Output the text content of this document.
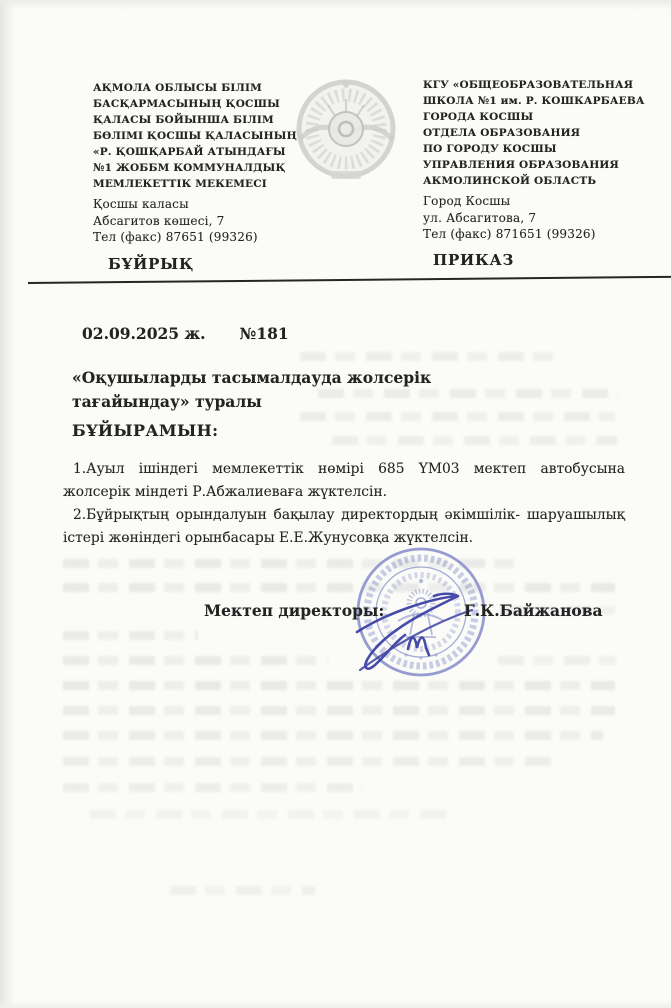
АҚМОЛА ОБЛЫСЫ БІЛІМ
БАСҚАРМАСЫНЫҢ ҚОСШЫ
ҚАЛАСЫ БОЙЫНША БІЛІМ
БӨЛІМІ ҚОСШЫ ҚАЛАСЫНЫҢ
«Р. ҚОШҚАРБАЙ АТЫНДАҒЫ
№1 ЖОББМ КОММУНАЛДЫҚ
МЕМЛЕКЕТТІК МЕКЕМЕСІ
Қосшы каласы
Абсагитов көшесі, 7
Тел (факс) 87651 (99326)
КГУ «ОБЩЕОБРАЗОВАТЕЛЬНАЯ
ШКОЛА №1 им. Р. КОШКАРБАЕВА
ГОРОДА КОСШЫ
ОТДЕЛА ОБРАЗОВАНИЯ
ПО ГОРОДУ КОСШЫ
УПРАВЛЕНИЯ ОБРАЗОВАНИЯ
АКМОЛИНСКОЙ ОБЛАСТЬ
Город Косшы
ул. Абсагитова, 7
Тел (факс) 871651 (99326)
БҰЙРЫҚ	ПРИКАЗ
02.09.2025 ж. №181
«Оқушыларды тасымалдауда жолсерік
тағайындау» туралы
БҰЙЫРАМЫН:

1.Ауыл ішіндегі мемлекеттік нөмірі 685 YM03 мектеп автобусына жолсерік міндеті Р.Абжалиеваға жүктелсін.

2.Бұйрықтың орындалуын бақылау директордың әкімшілік- шаруашылық істері жөніндегі орынбасары Е.Е.Жунусовқа жүктелсін.

Мектеп директоры:	Г.К.Байжанова
